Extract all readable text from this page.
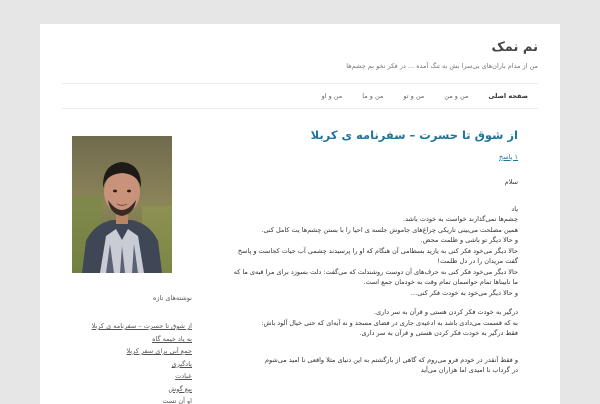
نم نمک
من از مدام باران‌های بی‌سرا بش به تنگ آمده ... در فکر نخو بم چشم‌ها
صفحه اصلی
من و من
من و تو
من و ما
من و او
از شوق تا حسرت – سفرنامه ی کربلا
۱ پاسخ
سلام
یاد
چشم‌ها نمی‌گذارند خواست به خودت باشد.
همین مصلحت می‌بینی تاریکی چراغ‌های جاموش جلسه ی احیا را با بستن چشم‌ها یت کامل کنی.
و حالا دیگر تو باشی و ظلمت محض.
حالا دیگر می‌خود فکر کنی به یازید بسطامی آن هنگام که او را پرسیدند چشمی آب حیات کجاست و پاسخ
گفت مریدان را در دل ظلمت!
حالا دیگر می‌خود فکر کنی به حرف‌های آن دوست روشندلت که می‌گفت: دلت بسوزد برای مرا قبه‌ی ما که
ما نابینا‌ها تمام حواسمان تمام وقت به خودمان جمع است.
و حالا دیگر می‌خود به خودت فکر کنی…
درگیر به خودت فکر کردن هستی و قرآن به سر داری.
به که قسمت می‌دادی باشد به ادعیه‌ی جاری در فضای مسجد و نه آیه‌ای که حتی خیال آلود باش:
فقط درگیر به خودت فکر کردن هستی و قرآن به سر داری.
و فقط آنقدر در خودم فرو می‌روم که گاهی از بازگشتم به این دنیای مثلا واقعی نا امید می‌شوم
در گرداب نا امیدی اما هزاران می‌آید
نوشته‌های تازه
از شوق تا حسرت – سفرنامه ی کربلا
به یاد خیمه گاه
جمع آنی برای سفر کربلا
یادگیری
عبادت
بیع گوش
او آن تست
